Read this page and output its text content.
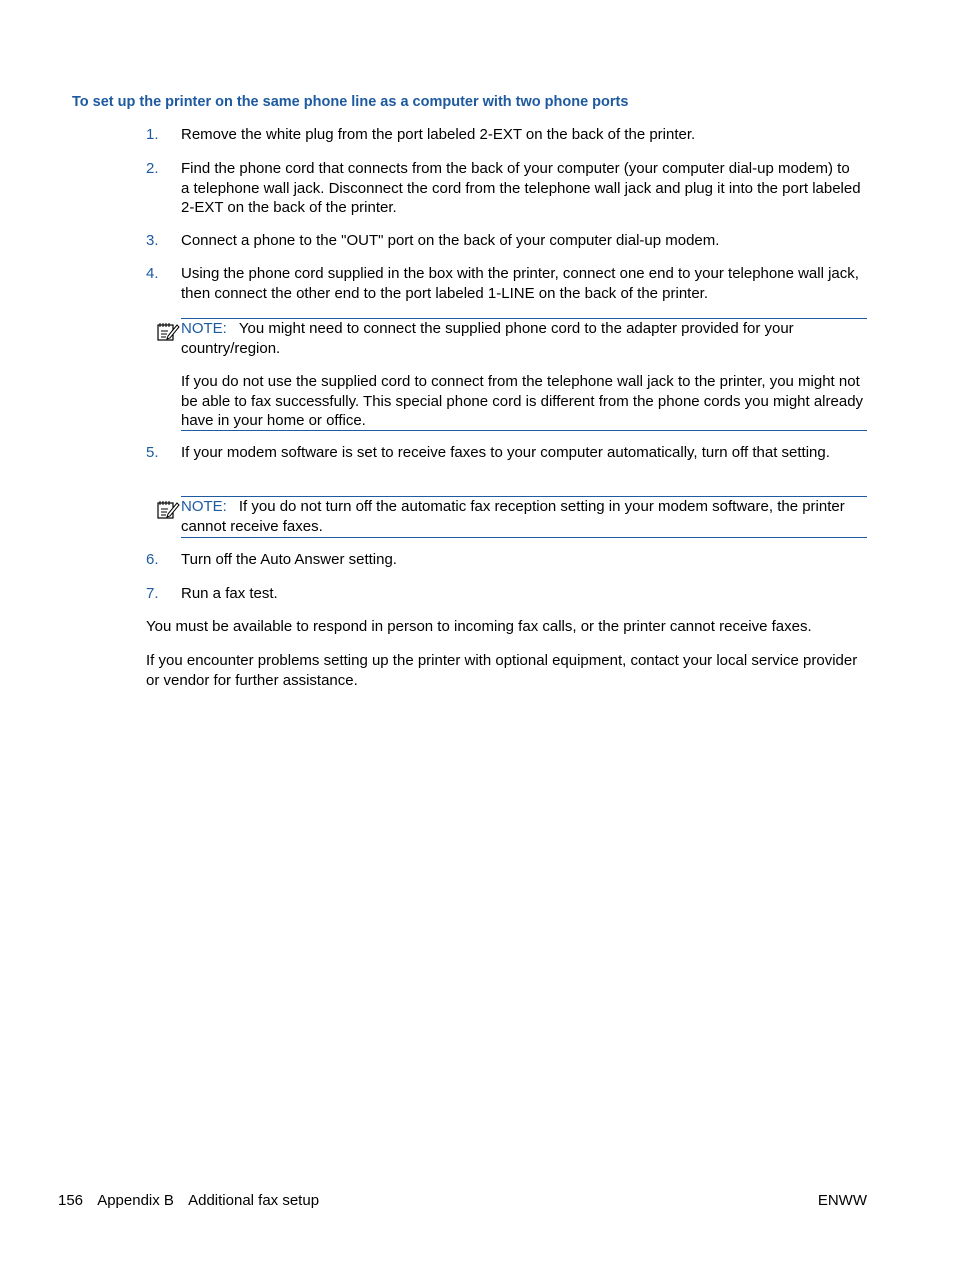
To set up the printer on the same phone line as a computer with two phone ports
1. Remove the white plug from the port labeled 2-EXT on the back of the printer.
2. Find the phone cord that connects from the back of your computer (your computer dial-up modem) to a telephone wall jack. Disconnect the cord from the telephone wall jack and plug it into the port labeled 2-EXT on the back of the printer.
3. Connect a phone to the "OUT" port on the back of your computer dial-up modem.
4. Using the phone cord supplied in the box with the printer, connect one end to your telephone wall jack, then connect the other end to the port labeled 1-LINE on the back of the printer.

NOTE: You might need to connect the supplied phone cord to the adapter provided for your country/region.

If you do not use the supplied cord to connect from the telephone wall jack to the printer, you might not be able to fax successfully. This special phone cord is different from the phone cords you might already have in your home or office.

5. If your modem software is set to receive faxes to your computer automatically, turn off that setting.

NOTE: If you do not turn off the automatic fax reception setting in your modem software, the printer cannot receive faxes.

6. Turn off the Auto Answer setting.
7. Run a fax test.

You must be available to respond in person to incoming fax calls, or the printer cannot receive faxes.

If you encounter problems setting up the printer with optional equipment, contact your local service provider or vendor for further assistance.

156 Appendix B Additional fax setup	ENWW
